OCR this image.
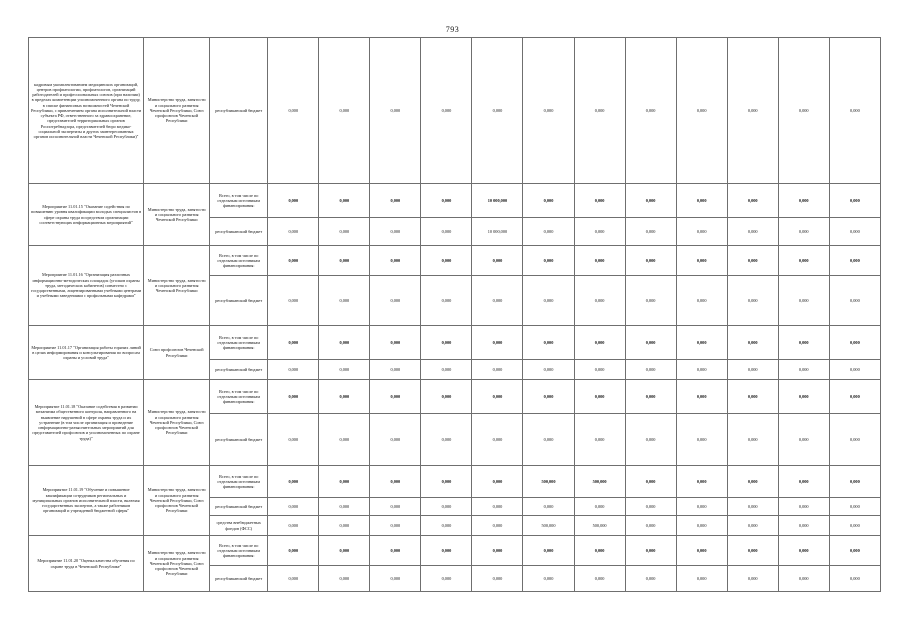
793
кадровым укомплектованием медицинских организаций, центров профпатологии, профпатологов, организаций работодателей и профессиональных союзов (при наличии) в пределах компетенции уполномоченного органа по труду, в списке финансовых возможностей Чеченской Республики, с привлечением органа исполнительной власти субъекта РФ, ответственного за здравоохранение, представителей территориальных органов Роспотребнадзора, представителей бюро медико-социальной экспертизы и других заинтересованных органов исполнительной власти Чеченской Республики)"	Министерство труда, занятости и социального развития Чеченской Республики, Союз профсоюзов Чеченской Республики	республиканский бюджет	0,000	0,000	0,000	0,000	0,000	0,000	0,000	0,000	0,000	0,000	0,000	0,000
Мероприятие 11.01.15 "Оказание содействия по повышению уровня квалификации молодых специалистов в сфере охраны труда посредством организации соответствующих информационных мероприятий"	Министерство труда, занятости и социального развития Чеченской Республики	Всего, в том числе по отдельным источникам финансирования:	0,000	0,000	0,000	0,000	10 000,000	0,000	0,000	0,000	0,000	0,000	0,000	0,000
		республиканский бюджет	0,000	0,000	0,000	0,000	10 000,000	0,000	0,000	0,000	0,000	0,000	0,000	0,000
Мероприятие 11.01.16 "Организация различных информационно-методических площадок (уголков охраны труда, методических кабинетов) совместно с государственными, лицензированными учебными центрами и учебными заведениями с профильными кафедрами"	Министерство труда, занятости и социального развития Чеченской Республики	Всего, в том числе по отдельным источникам финансирования:	0,000	0,000	0,000	0,000	0,000	0,000	0,000	0,000	0,000	0,000	0,000	0,000
		республиканский бюджет	0,000	0,000	0,000	0,000	0,000	0,000	0,000	0,000	0,000	0,000	0,000	0,000
Мероприятие 11.01.17 "Организация работы горячих линий в целях информирования и консультирования по вопросам охраны и условий труда"	Союз профсоюзов Чеченской Республики	Всего, в том числе по отдельным источникам финансирования:	0,000	0,000	0,000	0,000	0,000	0,000	0,000	0,000	0,000	0,000	0,000	0,000
		республиканский бюджет	0,000	0,000	0,000	0,000	0,000	0,000	0,000	0,000	0,000	0,000	0,000	0,000
Мероприятие 11.01.18 "Оказание содействия в развитии механизма общественного контроля, направленного на выявление нарушений в сфере охраны труда и их устранение (в том числе организация и проведение информационно-разъяснительных мероприятий для представителей профсоюзов и уполномоченных по охране труда)"	Министерство труда, занятости и социального развития Чеченской Республики, Союз профсоюзов Чеченской Республики	Всего, в том числе по отдельным источникам финансирования:	0,000	0,000	0,000	0,000	0,000	0,000	0,000	0,000	0,000	0,000	0,000	0,000
		республиканский бюджет	0,000	0,000	0,000	0,000	0,000	0,000	0,000	0,000	0,000	0,000	0,000	0,000
Мероприятие 11.01.19 "Обучение и повышение квалификации сотрудников региональных и муниципальных органов исполнительной власти, включая государственных экспертов, а также работников организаций и учреждений бюджетной сферы"	Министерство труда, занятости и социального развития Чеченской Республики, Союз профсоюзов Чеченской Республики	Всего, в том числе по отдельным источникам финансирования:	0,000	0,000	0,000	0,000	0,000	500,000	500,000	0,000	0,000	0,000	0,000	0,000
		республиканский бюджет	0,000	0,000	0,000	0,000	0,000	0,000	0,000	0,000	0,000	0,000	0,000	0,000
		средства внебюджетных фондов (ФСС)	0,000	0,000	0,000	0,000	0,000	500,000	500,000	0,000	0,000	0,000	0,000	0,000
Мероприятие 11.01.20 "Оценка качества обучения по охране труда в Чеченской Республике"	Министерство труда, занятости и социального развития Чеченской Республики, Союз профсоюзов Чеченской Республики	Всего, в том числе по отдельным источникам финансирования:	0,000	0,000	0,000	0,000	0,000	0,000	0,000	0,000	0,000	0,000	0,000	0,000
		республиканский бюджет	0,000	0,000	0,000	0,000	0,000	0,000	0,000	0,000	0,000	0,000	0,000	0,000
